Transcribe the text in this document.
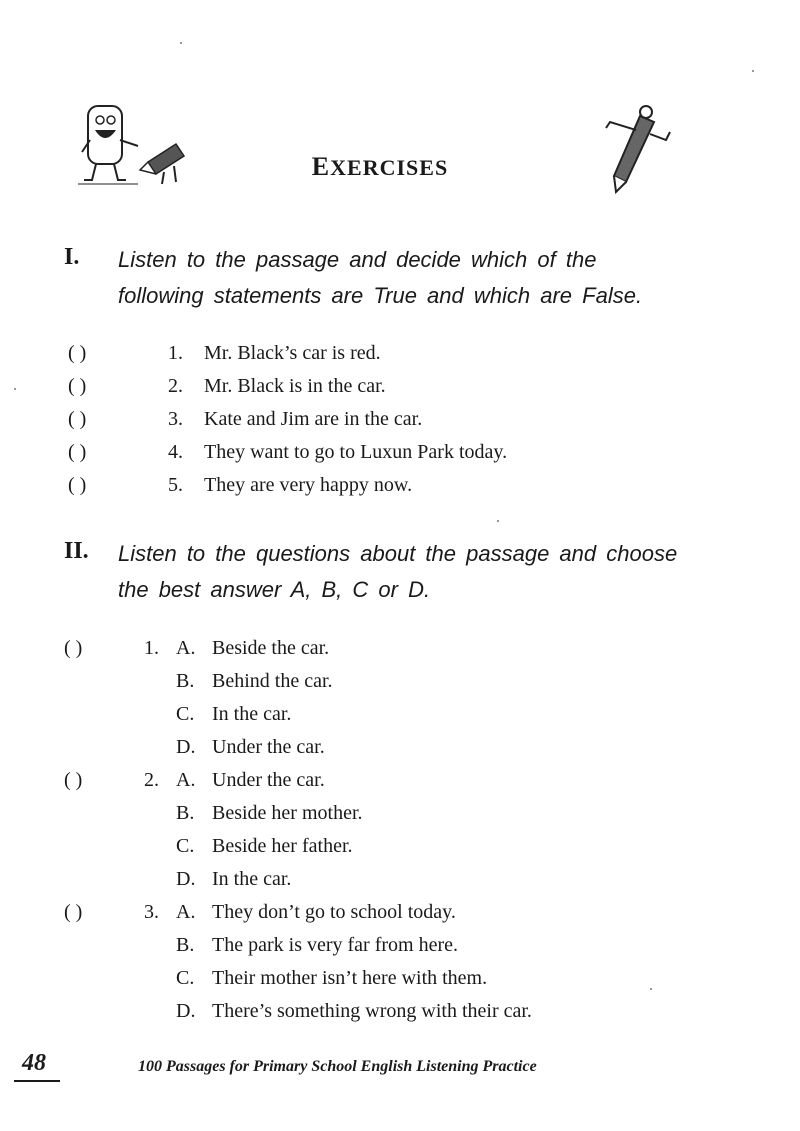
EXERCISES
I. Listen to the passage and decide which of the
following statements are True and which are False.
( )	1. Mr. Black’s car is red.
( )	2. Mr. Black is in the car.
( )	3. Kate and Jim are in the car.
( )	4. They want to go to Luxun Park today.
( )	5. They are very happy now.
II. Listen to the questions about the passage and choose
the best answer A, B, C or D.
( )	1. A. Beside the car.
B. Behind the car.
C. In the car.
D. Under the car.
( )	2. A. Under the car.
B. Beside her mother.
C. Beside her father.
D. In the car.
( )	3. A. They don’t go to school today.
B. The park is very far from here.
C. Their mother isn’t here with them.
D. There’s something wrong with their car.
48	100 Passages for Primary School English Listening Practice
